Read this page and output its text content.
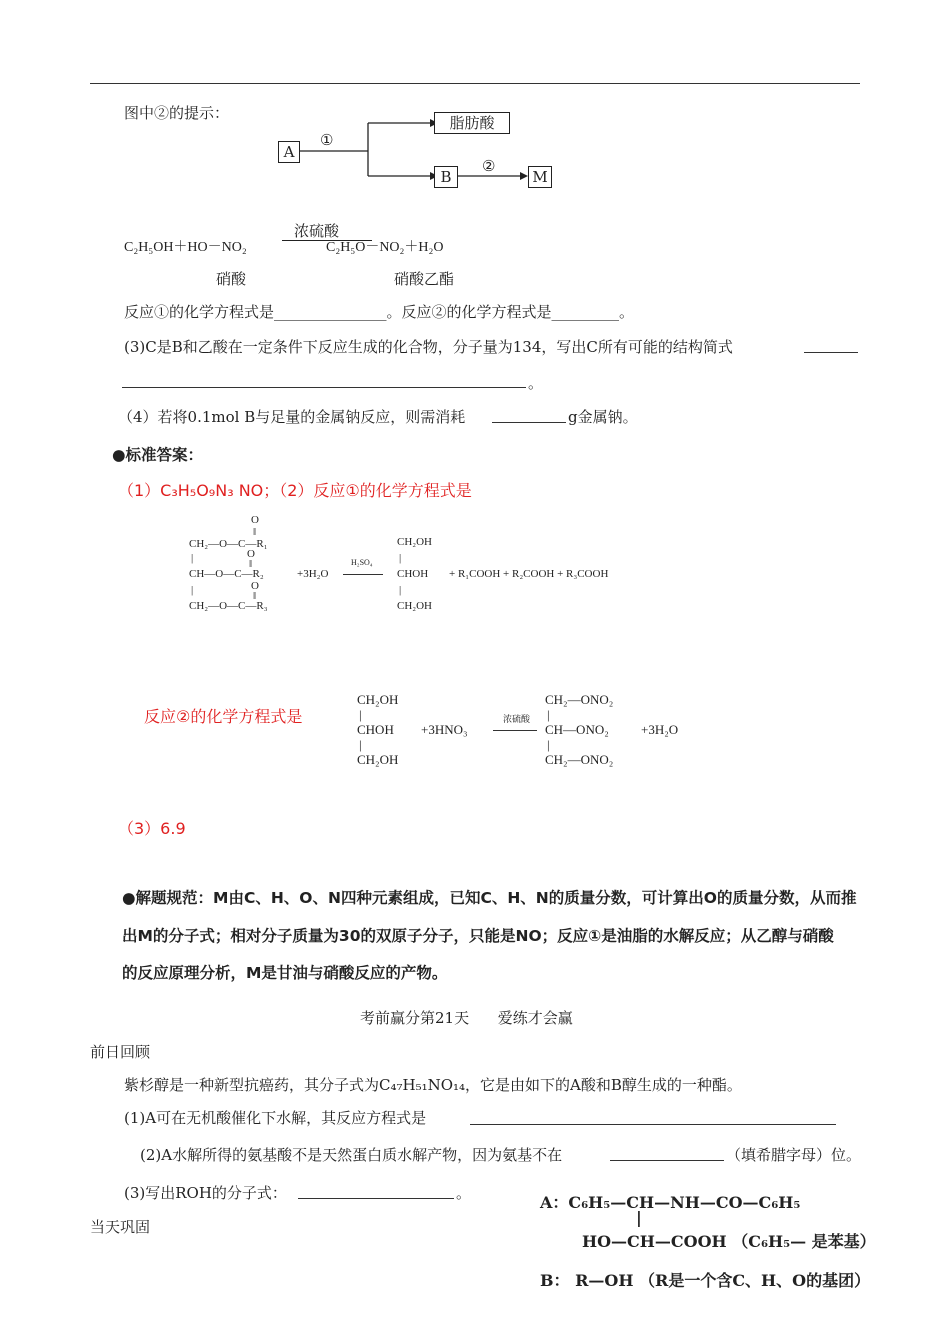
图中②的提示：
A
①
脂肪酸
B
②
M
浓硫酸
C₂H₅OH＋HO－NO₂	C₂H₅O－NO₂＋H₂O
硝酸	硝酸乙酯
反应①的化学方程式是_______________。反应②的化学方程式是_________。
(3)C是B和乙酸在一定条件下反应生成的化合物，分子量为134，写出C所有可能的结构简式
。
（4）若将0.1mol B与足量的金属钠反应，则需消耗	g金属钠。
●标准答案：
（1）C₃H₅O₉N₃ NO；（2）反应①的化学方程式是
O
‖
CH₂—O—C—R₁
O
‖
CH—O—C—R₂
O
‖
CH₂—O—C—R₃
|
|
+3H₂O
H₂SO₄
CH₂OH
|
CHOH
|
CH₂OH
+ R₁COOH + R₂COOH + R₃COOH
反应②的化学方程式是
CH₂OH
|
CHOH
|
CH₂OH
+3HNO₃
浓硫酸
CH₂—ONO₂
|
CH—ONO₂
|
CH₂—ONO₂
+3H₂O
（3）6.9
●解题规范：M由C、H、O、N四种元素组成，已知C、H、N的质量分数，可计算出O的质量分数，从而推
出M的分子式；相对分子质量为30的双原子分子，只能是NO；反应①是油脂的水解反应；从乙醇与硝酸
的反应原理分析，M是甘油与硝酸反应的产物。
考前赢分第21天      爱练才会赢
前日回顾
紫杉醇是一种新型抗癌药，其分子式为C₄₇H₅₁NO₁₄，它是由如下的A酸和B醇生成的一种酯。
(1)A可在无机酸催化下水解，其反应方程式是
(2)A水解所得的氨基酸不是天然蛋白质水解产物，因为氨基不在	（填希腊字母）位。
(3)写出ROH的分子式：	。
当天巩固
A：C₆H₅—CH—NH—CO—C₆H₅
|
HO—CH—COOH （C₆H₅— 是苯基）
B： R—OH （R是一个含C、H、O的基团）
